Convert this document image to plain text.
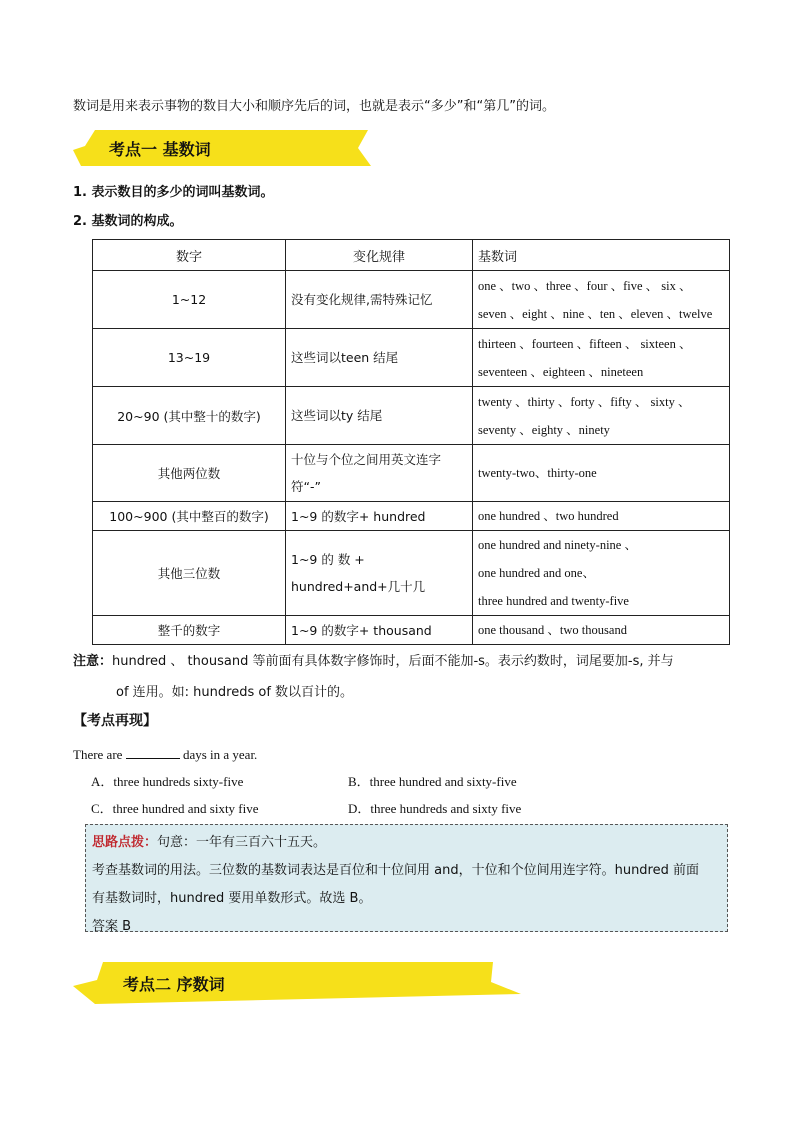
数词是用来表示事物的数目大小和顺序先后的词，也就是表示“多少”和“第几”的词。
考点一 基数词
1. 表示数目的多少的词叫基数词。
2. 基数词的构成。
数字	变化规律	基数词
1~12	没有变化规律,需特殊记忆	one 、two 、three 、four 、five 、 six 、
seven 、eight 、nine 、ten 、eleven 、twelve

13~19	这些词以teen 结尾	thirteen 、fourteen 、fifteen 、 sixteen 、
seventeen 、eighteen 、nineteen

20~90 (其中整十的数字)	这些词以ty 结尾	twenty 、thirty 、forty 、fifty 、 sixty 、
seventy 、eighty 、ninety

其他两位数	十位与个位之间用英文连字符“-”	twenty-two、thirty-one

100~900 (其中整百的数字)	1~9 的数字+ hundred	one hundred 、two hundred

其他三位数	1~9 的 数 + hundred+and+几十几	one hundred and ninety-nine 、
one hundred and one、
three hundred and twenty-five

整千的数字	1~9 的数字+ thousand	one thousand 、two thousand
注意：hundred 、 thousand 等前面有具体数字修饰时，后面不能加-s。表示约数时，词尾要加-s, 并与
of 连用。如: hundreds of 数以百计的。
【考点再现】
There are	days in a year.
A．three hundreds sixty-five	B．three hundred and sixty-five
C．three hundred and sixty five	D．three hundreds and sixty five
思路点拨：句意：一年有三百六十五天。
考查基数词的用法。三位数的基数词表达是百位和十位间用 and，十位和个位间用连字符。hundred 前面
有基数词时，hundred 要用单数形式。故选 B。
答案 B
考点二 序数词
